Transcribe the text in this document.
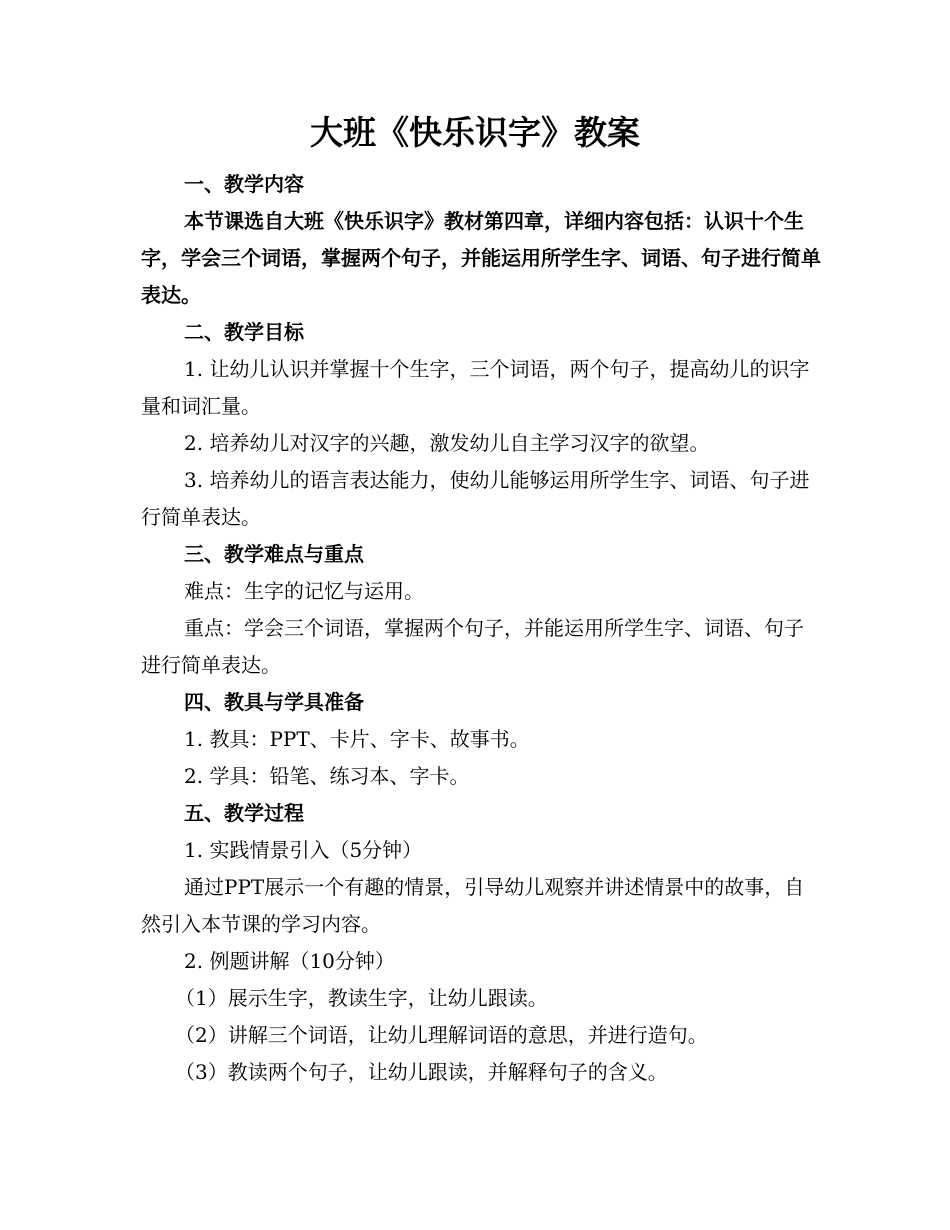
大班《快乐识字》教案

一、教学内容

本节课选自大班《快乐识字》教材第四章，详细内容包括：认识十个生字，学会三个词语，掌握两个句子，并能运用所学生字、词语、句子进行简单表达。

二、教学目标

1. 让幼儿认识并掌握十个生字，三个词语，两个句子，提高幼儿的识字量和词汇量。

2. 培养幼儿对汉字的兴趣，激发幼儿自主学习汉字的欲望。

3. 培养幼儿的语言表达能力，使幼儿能够运用所学生字、词语、句子进行简单表达。

三、教学难点与重点

难点：生字的记忆与运用。

重点：学会三个词语，掌握两个句子，并能运用所学生字、词语、句子进行简单表达。

四、教具与学具准备

1. 教具：PPT、卡片、字卡、故事书。

2. 学具：铅笔、练习本、字卡。

五、教学过程

1. 实践情景引入（5分钟）

通过PPT展示一个有趣的情景，引导幼儿观察并讲述情景中的故事，自然引入本节课的学习内容。

2. 例题讲解（10分钟）

（1）展示生字，教读生字，让幼儿跟读。

（2）讲解三个词语，让幼儿理解词语的意思，并进行造句。

（3）教读两个句子，让幼儿跟读，并解释句子的含义。
